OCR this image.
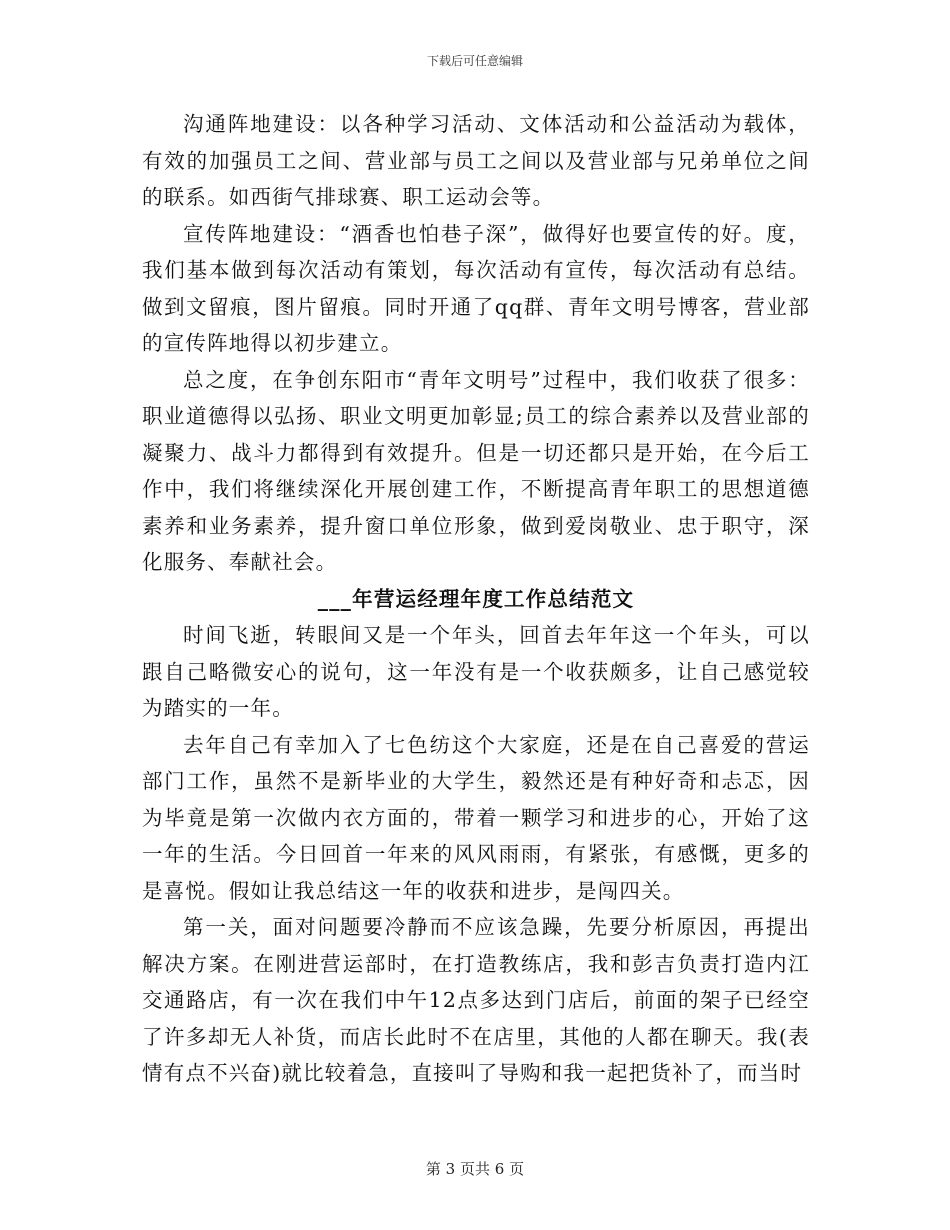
下载后可任意编辑

沟通阵地建设：以各种学习活动、文体活动和公益活动为载体，有效的加强员工之间、营业部与员工之间以及营业部与兄弟单位之间的联系。如西街气排球赛、职工运动会等。

宣传阵地建设：“酒香也怕巷子深”，做得好也要宣传的好。度，我们基本做到每次活动有策划，每次活动有宣传，每次活动有总结。做到文留痕，图片留痕。同时开通了qq群、青年文明号博客，营业部的宣传阵地得以初步建立。

总之度，在争创东阳市“青年文明号”过程中，我们收获了很多：职业道德得以弘扬、职业文明更加彰显;员工的综合素养以及营业部的凝聚力、战斗力都得到有效提升。但是一切还都只是开始，在今后工作中，我们将继续深化开展创建工作，不断提高青年职工的思想道德素养和业务素养，提升窗口单位形象，做到爱岗敬业、忠于职守，深化服务、奉献社会。

___年营运经理年度工作总结范文

时间飞逝，转眼间又是一个年头，回首去年年这一个年头，可以跟自己略微安心的说句，这一年没有是一个收获颇多，让自己感觉较为踏实的一年。

去年自己有幸加入了七色纺这个大家庭，还是在自己喜爱的营运部门工作，虽然不是新毕业的大学生，毅然还是有种好奇和忐忑，因为毕竟是第一次做内衣方面的，带着一颗学习和进步的心，开始了这一年的生活。今日回首一年来的风风雨雨，有紧张，有感慨，更多的是喜悦。假如让我总结这一年的收获和进步，是闯四关。

第一关，面对问题要冷静而不应该急躁，先要分析原因，再提出解决方案。在刚进营运部时，在打造教练店，我和彭吉负责打造内江交通路店，有一次在我们中午12点多达到门店后，前面的架子已经空了许多却无人补货，而店长此时不在店里，其他的人都在聊天。我(表情有点不兴奋)就比较着急，直接叫了导购和我一起把货补了，而当时

第 3 页共 6 页
